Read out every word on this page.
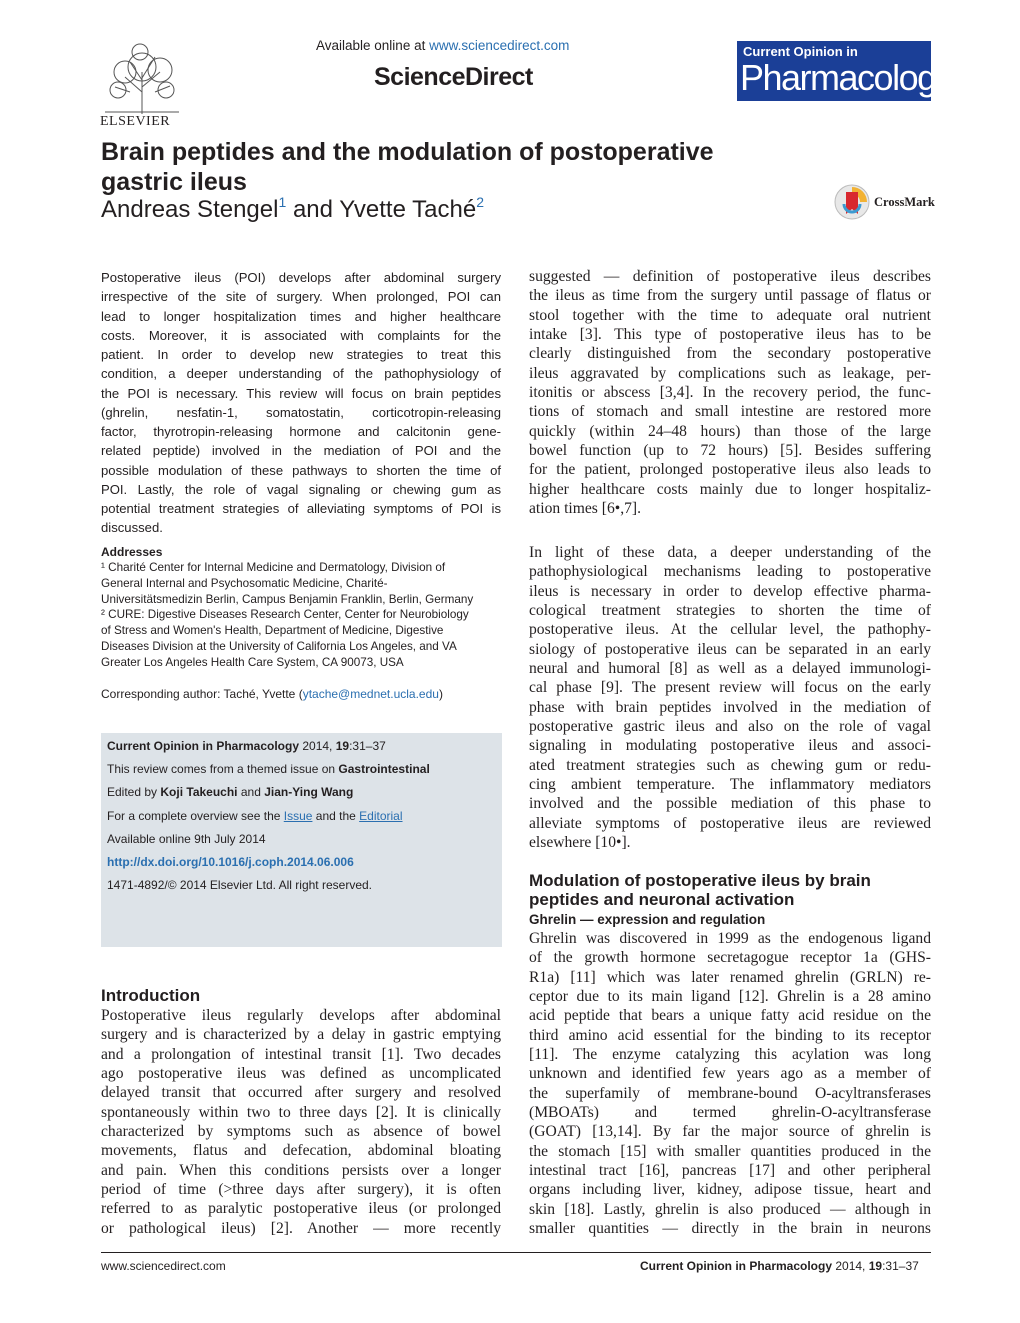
ELSEVIER
Available online at www.sciencedirect.com
ScienceDirect
Current Opinion in
Pharmacology
Brain peptides and the modulation of postoperative
gastric ileus
Andreas Stengel$^1$ and Yvette Taché$^2$	CrossMark
Postoperative ileus (POI) develops after abdominal surgery
irrespective of the site of surgery. When prolonged, POI can
lead to longer hospitalization times and higher healthcare
costs. Moreover, it is associated with complaints for the
patient. In order to develop new strategies to treat this
condition, a deeper understanding of the pathophysiology of
the POI is necessary. This review will focus on brain peptides
(ghrelin, nesfatin-1, somatostatin, corticotropin-releasing
factor, thyrotropin-releasing hormone and calcitonin gene-
related peptide) involved in the mediation of POI and the
possible modulation of these pathways to shorten the time of
POI. Lastly, the role of vagal signaling or chewing gum as
potential treatment strategies of alleviating symptoms of POI is
discussed.
Addresses
¹ Charité Center for Internal Medicine and Dermatology, Division of
General Internal and Psychosomatic Medicine, Charité-
Universitätsmedizin Berlin, Campus Benjamin Franklin, Berlin, Germany
² CURE: Digestive Diseases Research Center, Center for Neurobiology
of Stress and Women's Health, Department of Medicine, Digestive
Diseases Division at the University of California Los Angeles, and VA
Greater Los Angeles Health Care System, CA 90073, USA
Corresponding author: Taché, Yvette (ytache@mednet.ucla.edu)
Current Opinion in Pharmacology 2014, 19:31–37
This review comes from a themed issue on Gastrointestinal
Edited by Koji Takeuchi and Jian-Ying Wang
For a complete overview see the Issue and the Editorial
Available online 9th July 2014
http://dx.doi.org/10.1016/j.coph.2014.06.006
1471-4892/© 2014 Elsevier Ltd. All right reserved.
Introduction
Postoperative ileus regularly develops after abdominal
surgery and is characterized by a delay in gastric emptying
and a prolongation of intestinal transit [1]. Two decades
ago postoperative ileus was defined as uncomplicated
delayed transit that occurred after surgery and resolved
spontaneously within two to three days [2]. It is clinically
characterized by symptoms such as absence of bowel
movements, flatus and defecation, abdominal bloating
and pain. When this conditions persists over a longer
period of time (>three days after surgery), it is often
referred to as paralytic postoperative ileus (or prolonged
or pathological ileus) [2]. Another — more recently
suggested — definition of postoperative ileus describes
the ileus as time from the surgery until passage of flatus or
stool together with the time to adequate oral nutrient
intake [3]. This type of postoperative ileus has to be
clearly distinguished from the secondary postoperative
ileus aggravated by complications such as leakage, per-
itonitis or abscess [3,4]. In the recovery period, the func-
tions of stomach and small intestine are restored more
quickly (within 24–48 hours) than those of the large
bowel function (up to 72 hours) [5]. Besides suffering
for the patient, prolonged postoperative ileus also leads to
higher healthcare costs mainly due to longer hospitaliz-
ation times [6•,7].
In light of these data, a deeper understanding of the
pathophysiological mechanisms leading to postoperative
ileus is necessary in order to develop effective pharma-
cological treatment strategies to shorten the time of
postoperative ileus. At the cellular level, the pathophy-
siology of postoperative ileus can be separated in an early
neural and humoral [8] as well as a delayed immunologi-
cal phase [9]. The present review will focus on the early
phase with brain peptides involved in the mediation of
postoperative gastric ileus and also on the role of vagal
signaling in modulating postoperative ileus and associ-
ated treatment strategies such as chewing gum or redu-
cing ambient temperature. The inflammatory mediators
involved and the possible mediation of this phase to
alleviate symptoms of postoperative ileus are reviewed
elsewhere [10•].
Modulation of postoperative ileus by brain
peptides and neuronal activation
Ghrelin — expression and regulation
Ghrelin was discovered in 1999 as the endogenous ligand
of the growth hormone secretagogue receptor 1a (GHS-
R1a) [11] which was later renamed ghrelin (GRLN) re-
ceptor due to its main ligand [12]. Ghrelin is a 28 amino
acid peptide that bears a unique fatty acid residue on the
third amino acid essential for the binding to its receptor
[11]. The enzyme catalyzing this acylation was long
unknown and identified few years ago as a member of
the superfamily of membrane-bound O-acyltransferases
(MBOATs) and termed ghrelin-O-acyltransferase
(GOAT) [13,14]. By far the major source of ghrelin is
the stomach [15] with smaller quantities produced in the
intestinal tract [16], pancreas [17] and other peripheral
organs including liver, kidney, adipose tissue, heart and
skin [18]. Lastly, ghrelin is also produced — although in
smaller quantities — directly in the brain in neurons
www.sciencedirect.com	Current Opinion in Pharmacology 2014, 19:31–37
